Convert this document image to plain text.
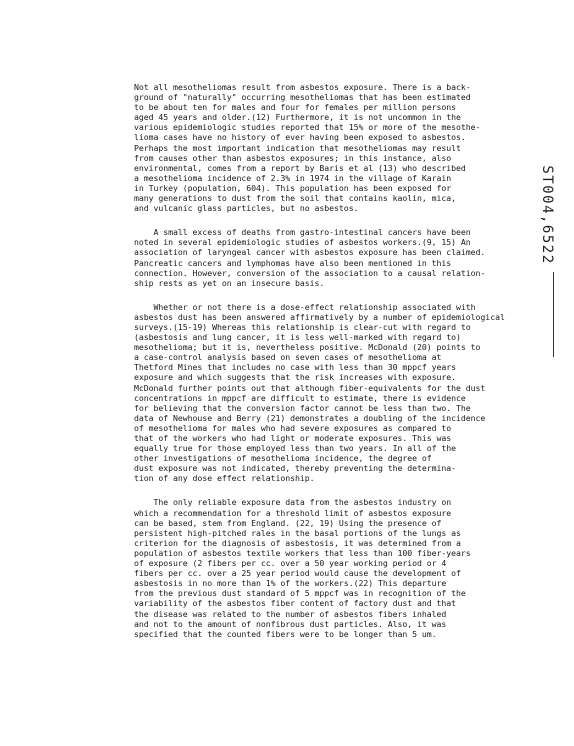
Not all mesotheliomas result from asbestos exposure. There is a back-
ground of "naturally" occurring mesotheliomas that has been estimated
to be about ten for males and four for females per million persons
aged 45 years and older.(12) Furthermore, it is not uncommon in the
various epidemiologic studies reported that 15% or more of the mesothe-
lioma cases have no history of ever having been exposed to asbestos.
Perhaps the most important indication that mesotheliomas may result
from causes other than asbestos exposures; in this instance, also
environmental, comes from a report by Baris et al (13) who described
a mesothelioma incidence of 2.3% in 1974 in the village of Karain
in Turkey (population, 604). This population has been exposed for
many generations to dust from the soil that contains kaolin, mica,
and vulcanic glass particles, but no asbestos.
A small excess of deaths from gastro-intestinal cancers have been
noted in several epidemiologic studies of asbestos workers.(9, 15) An
association of laryngeal cancer with asbestos exposure has been claimed.
Pancreatic cancers and lymphomas have also been mentioned in this
connection. However, conversion of the association to a causal relation-
ship rests as yet on an insecure basis.
Whether or not there is a dose-effect relationship associated with
asbestos dust has been answered affirmatively by a number of epidemiological
surveys.(15-19) Whereas this relationship is clear-cut with regard to
(asbestosis and lung cancer, it is less well-marked with regard to)
mesothelioma; but it is, nevertheless positive. McDonald (20) points to
a case-control analysis based on seven cases of mesothelioma at
Thetford Mines that includes no case with less than 30 mppcf years
exposure and which suggests that the risk increases with exposure.
McDonald further points out that although fiber-equivalents for the dust
concentrations in mppcf are difficult to estimate, there is evidence
for believing that the conversion factor cannot be less than two. The
data of Newhouse and Berry (21) demonstrates a doubling of the incidence
of mesothelioma for males who had severe exposures as compared to
that of the workers who had light or moderate exposures. This was
equally true for those employed less than two years. In all of the
other investigations of mesothelioma incidence, the degree of
dust exposure was not indicated, thereby preventing the determina-
tion of any dose effect relationship.
The only reliable exposure data from the asbestos industry on
which a recommendation for a threshold limit of asbestos exposure
can be based, stem from England. (22, 19) Using the presence of
persistent high-pitched rales in the basal portions of the lungs as
criterion for the diagnosis of asbestosis, it was determined from a
population of asbestos textile workers that less than 100 fiber-years
of exposure (2 fibers per cc. over a 50 year working period or 4
fibers per cc. over a 25 year period would cause the development of
asbestosis in no more than 1% of the workers.(22) This departure
from the previous dust standard of 5 mppcf was in recognition of the
variability of the asbestos fiber content of factory dust and that
the disease was related to the number of asbestos fibers inhaled
and not to the amount of nonfibrous dust particles. Also, it was
specified that the counted fibers were to be longer than 5 um.
ST004,6522
